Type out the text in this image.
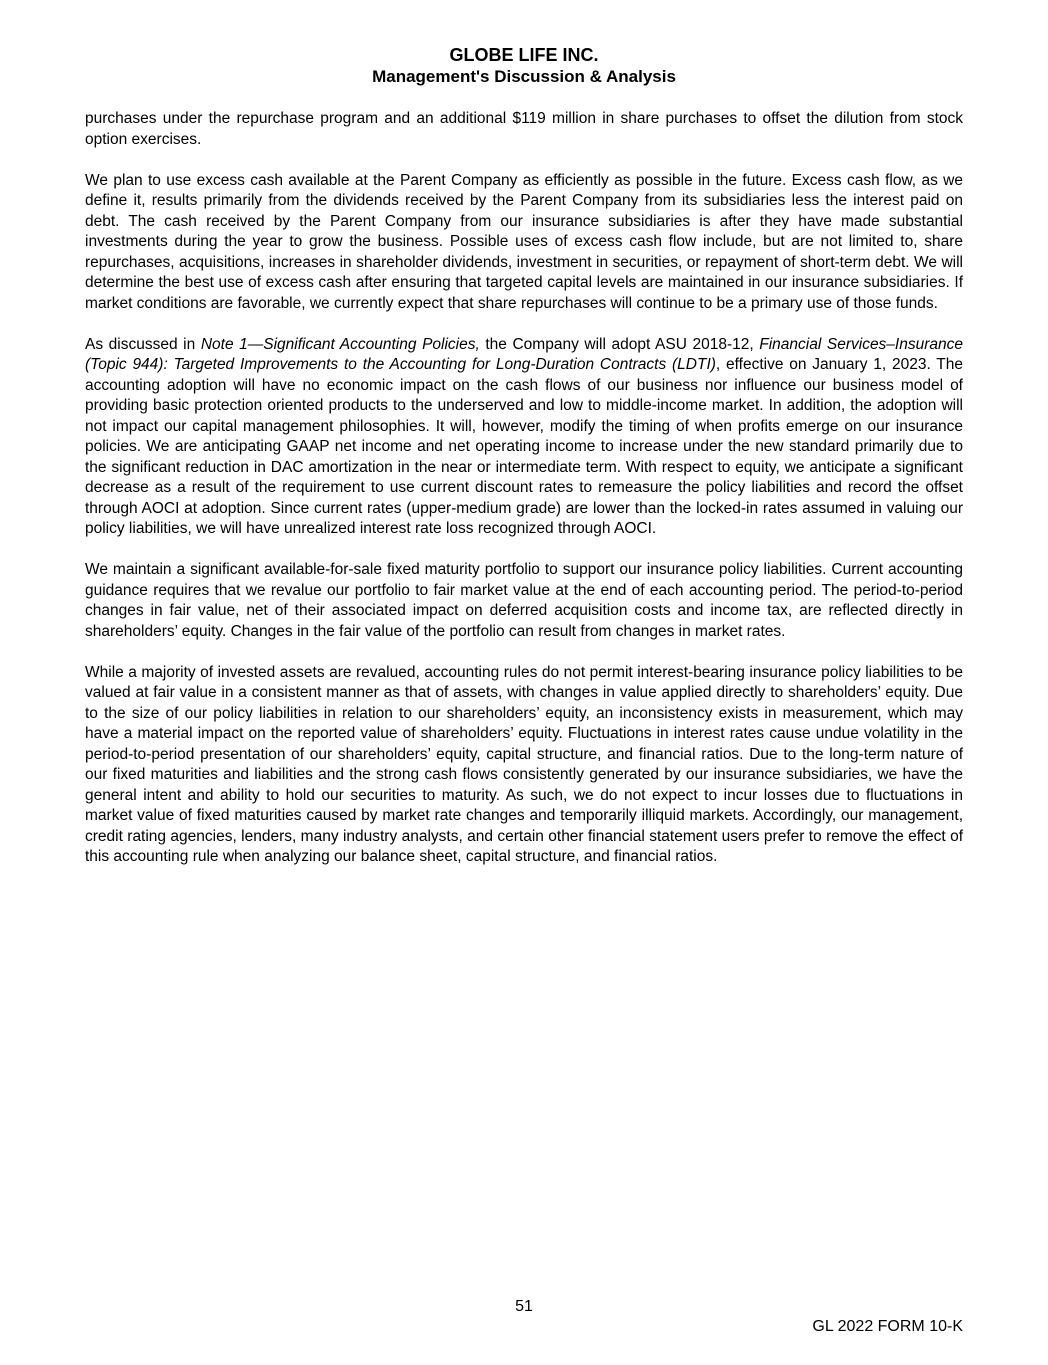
GLOBE LIFE INC.
Management's Discussion & Analysis

purchases under the repurchase program and an additional $119 million in share purchases to offset the dilution from stock option exercises.

We plan to use excess cash available at the Parent Company as efficiently as possible in the future. Excess cash flow, as we define it, results primarily from the dividends received by the Parent Company from its subsidiaries less the interest paid on debt. The cash received by the Parent Company from our insurance subsidiaries is after they have made substantial investments during the year to grow the business. Possible uses of excess cash flow include, but are not limited to, share repurchases, acquisitions, increases in shareholder dividends, investment in securities, or repayment of short-term debt. We will determine the best use of excess cash after ensuring that targeted capital levels are maintained in our insurance subsidiaries. If market conditions are favorable, we currently expect that share repurchases will continue to be a primary use of those funds.

As discussed in Note 1—Significant Accounting Policies, the Company will adopt ASU 2018-12, Financial Services–Insurance (Topic 944): Targeted Improvements to the Accounting for Long-Duration Contracts (LDTI), effective on January 1, 2023. The accounting adoption will have no economic impact on the cash flows of our business nor influence our business model of providing basic protection oriented products to the underserved and low to middle-income market. In addition, the adoption will not impact our capital management philosophies. It will, however, modify the timing of when profits emerge on our insurance policies. We are anticipating GAAP net income and net operating income to increase under the new standard primarily due to the significant reduction in DAC amortization in the near or intermediate term. With respect to equity, we anticipate a significant decrease as a result of the requirement to use current discount rates to remeasure the policy liabilities and record the offset through AOCI at adoption. Since current rates (upper-medium grade) are lower than the locked-in rates assumed in valuing our policy liabilities, we will have unrealized interest rate loss recognized through AOCI.

We maintain a significant available-for-sale fixed maturity portfolio to support our insurance policy liabilities. Current accounting guidance requires that we revalue our portfolio to fair market value at the end of each accounting period. The period-to-period changes in fair value, net of their associated impact on deferred acquisition costs and income tax, are reflected directly in shareholders’ equity. Changes in the fair value of the portfolio can result from changes in market rates.

While a majority of invested assets are revalued, accounting rules do not permit interest-bearing insurance policy liabilities to be valued at fair value in a consistent manner as that of assets, with changes in value applied directly to shareholders’ equity. Due to the size of our policy liabilities in relation to our shareholders’ equity, an inconsistency exists in measurement, which may have a material impact on the reported value of shareholders’ equity. Fluctuations in interest rates cause undue volatility in the period-to-period presentation of our shareholders’ equity, capital structure, and financial ratios. Due to the long-term nature of our fixed maturities and liabilities and the strong cash flows consistently generated by our insurance subsidiaries, we have the general intent and ability to hold our securities to maturity. As such, we do not expect to incur losses due to fluctuations in market value of fixed maturities caused by market rate changes and temporarily illiquid markets. Accordingly, our management, credit rating agencies, lenders, many industry analysts, and certain other financial statement users prefer to remove the effect of this accounting rule when analyzing our balance sheet, capital structure, and financial ratios.

51
GL 2022 FORM 10-K
